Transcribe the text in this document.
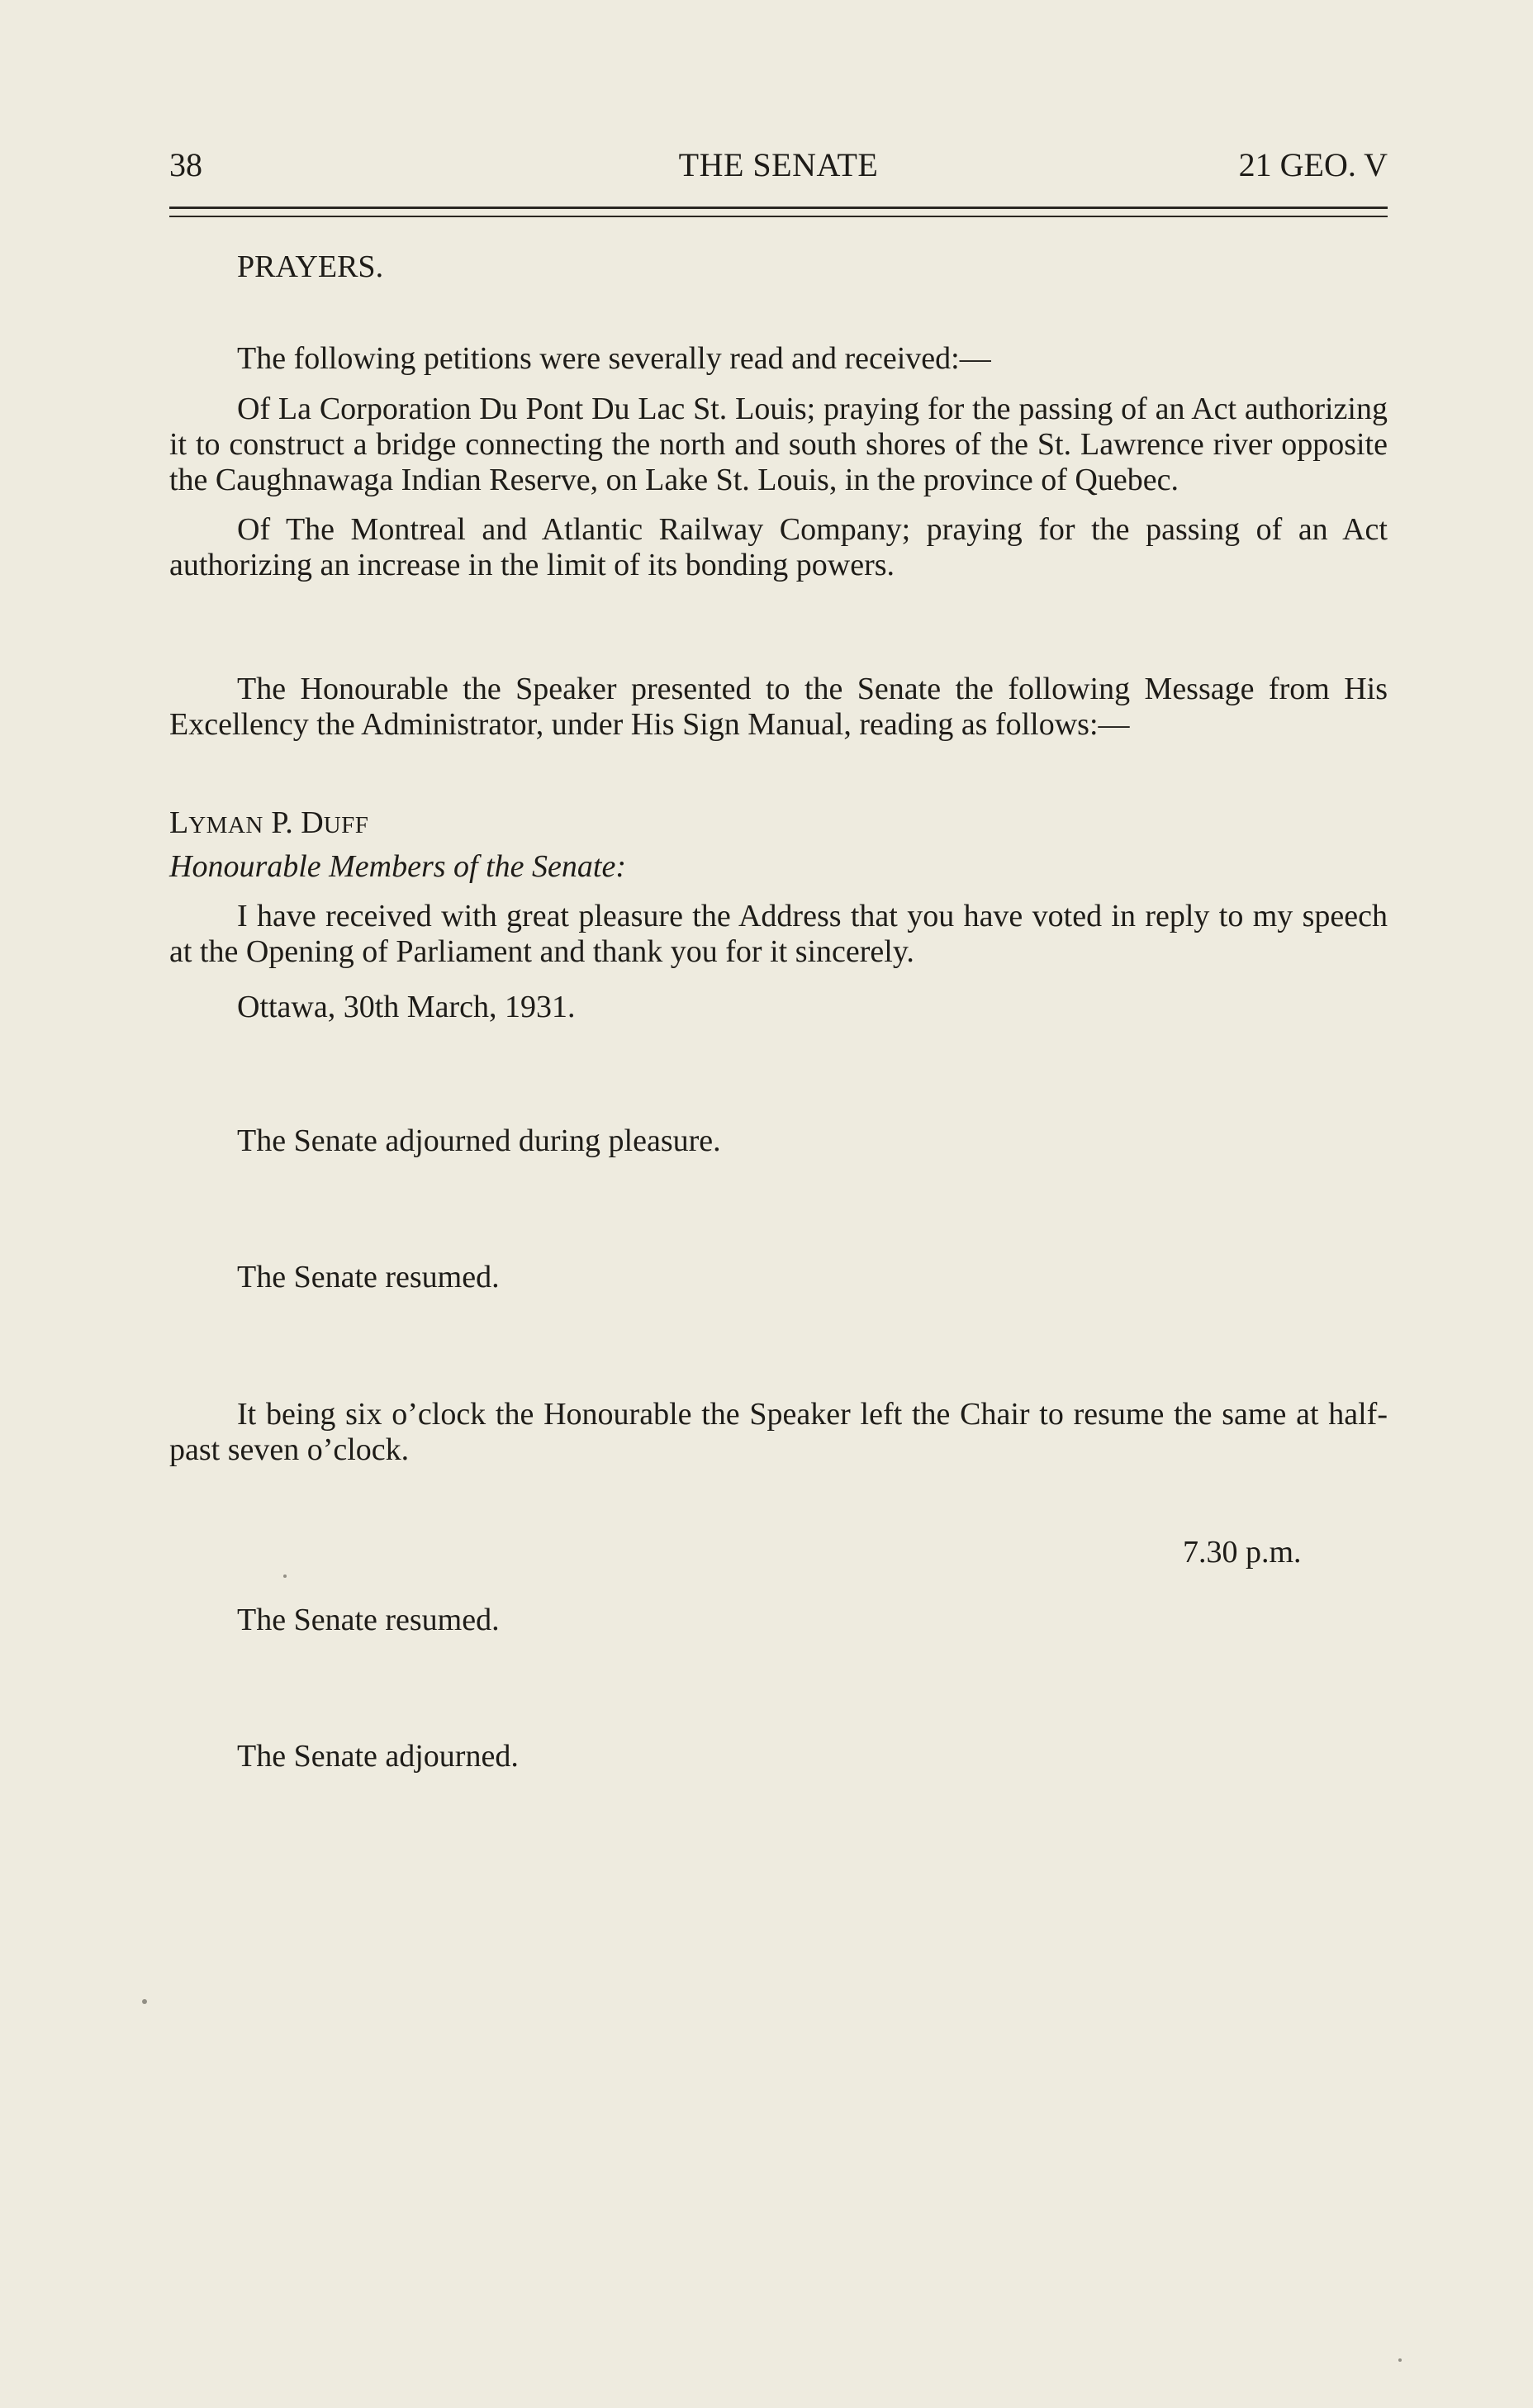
38	THE SENATE	21 GEO. V
PRAYERS.
The following petitions were severally read and received:—

Of La Corporation Du Pont Du Lac St. Louis; praying for the passing of an Act authorizing it to construct a bridge connecting the north and south shores of the St. Lawrence river opposite the Caughnawaga Indian Reserve, on Lake St. Louis, in the province of Quebec.

Of The Montreal and Atlantic Railway Company; praying for the passing of an Act authorizing an increase in the limit of its bonding powers.

The Honourable the Speaker presented to the Senate the following Message from His Excellency the Administrator, under His Sign Manual, reading as follows:—
LYMAN P. DUFF
Honourable Members of the Senate:
I have received with great pleasure the Address that you have voted in reply to my speech at the Opening of Parliament and thank you for it sincerely.
Ottawa, 30th March, 1931.
The Senate adjourned during pleasure.
The Senate resumed.
It being six o’clock the Honourable the Speaker left the Chair to resume the same at half-past seven o’clock.
7.30 p.m.
The Senate resumed.
The Senate adjourned.
